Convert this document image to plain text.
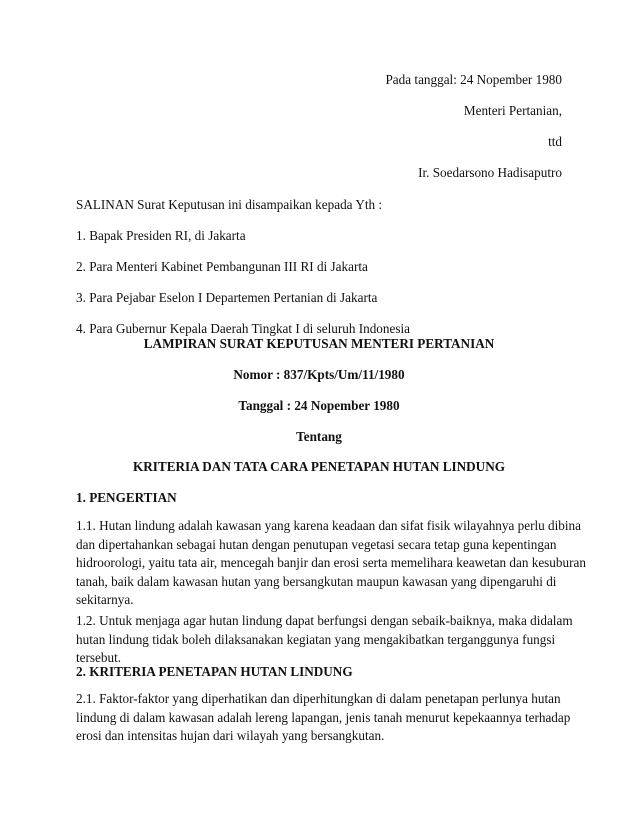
Pada tanggal: 24 Nopember 1980
Menteri Pertanian,
ttd
Ir. Soedarsono Hadisaputro
SALINAN Surat Keputusan ini disampaikan kepada Yth :
1. Bapak Presiden RI, di Jakarta
2. Para Menteri Kabinet Pembangunan III RI di Jakarta
3. Para Pejabar Eselon I Departemen Pertanian di Jakarta
4. Para Gubernur Kepala Daerah Tingkat I di seluruh Indonesia
LAMPIRAN SURAT KEPUTUSAN MENTERI PERTANIAN
Nomor : 837/Kpts/Um/11/1980
Tanggal : 24 Nopember 1980
Tentang
KRITERIA DAN TATA CARA PENETAPAN HUTAN LINDUNG
1. PENGERTIAN
1.1. Hutan lindung adalah kawasan yang karena keadaan dan sifat fisik wilayahnya perlu dibina
dan dipertahankan sebagai hutan dengan penutupan vegetasi secara tetap guna kepentingan
hidroorologi, yaitu tata air, mencegah banjir dan erosi serta memelihara keawetan dan kesuburan
tanah, baik dalam kawasan hutan yang bersangkutan maupun kawasan yang dipengaruhi di
sekitarnya.
1.2. Untuk menjaga agar hutan lindung dapat berfungsi dengan sebaik-baiknya, maka didalam
hutan lindung tidak boleh dilaksanakan kegiatan yang mengakibatkan terganggunya fungsi
tersebut.
2. KRITERIA PENETAPAN HUTAN LINDUNG
2.1. Faktor-faktor yang diperhatikan dan diperhitungkan di dalam penetapan perlunya hutan
lindung di dalam kawasan adalah lereng lapangan, jenis tanah menurut kepekaannya terhadap
erosi dan intensitas hujan dari wilayah yang bersangkutan.
